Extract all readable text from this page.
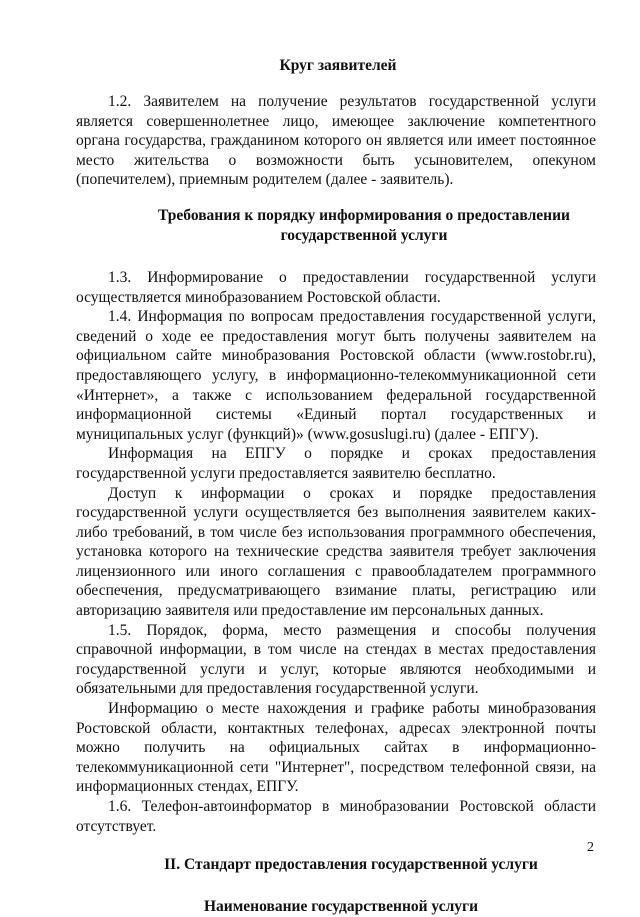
Круг заявителей

1.2. Заявителем на получение результатов государственной услуги является совершеннолетнее лицо, имеющее заключение компетентного органа государства, гражданином которого он является или имеет постоянное место жительства о возможности быть усыновителем, опекуном (попечителем), приемным родителем (далее - заявитель).

Требования к порядку информирования о предоставлении государственной услуги

1.3. Информирование о предоставлении государственной услуги осуществляется минобразованием Ростовской области.

1.4. Информация по вопросам предоставления государственной услуги, сведений о ходе ее предоставления могут быть получены заявителем на официальном сайте минобразования Ростовской области (www.rostobr.ru), предоставляющего услугу, в информационно-телекоммуникационной сети «Интернет», а также с использованием федеральной государственной информационной системы «Единый портал государственных и муниципальных услуг (функций)» (www.gosuslugi.ru) (далее - ЕПГУ).

Информация на ЕПГУ о порядке и сроках предоставления государственной услуги предоставляется заявителю бесплатно.

Доступ к информации о сроках и порядке предоставления государственной услуги осуществляется без выполнения заявителем каких-либо требований, в том числе без использования программного обеспечения, установка которого на технические средства заявителя требует заключения лицензионного или иного соглашения с правообладателем программного обеспечения, предусматривающего взимание платы, регистрацию или авторизацию заявителя или предоставление им персональных данных.

1.5. Порядок, форма, место размещения и способы получения справочной информации, в том числе на стендах в местах предоставления государственной услуги и услуг, которые являются необходимыми и обязательными для предоставления государственной услуги.

Информацию о месте нахождения и графике работы минобразования Ростовской области, контактных телефонах, адресах электронной почты можно получить на официальных сайтах в информационно-телекоммуникационной сети "Интернет", посредством телефонной связи, на информационных стендах, ЕПГУ.

1.6. Телефон-автоинформатор в минобразовании Ростовской области отсутствует.

II. Стандарт предоставления государственной услуги
Наименование государственной услуги
2
